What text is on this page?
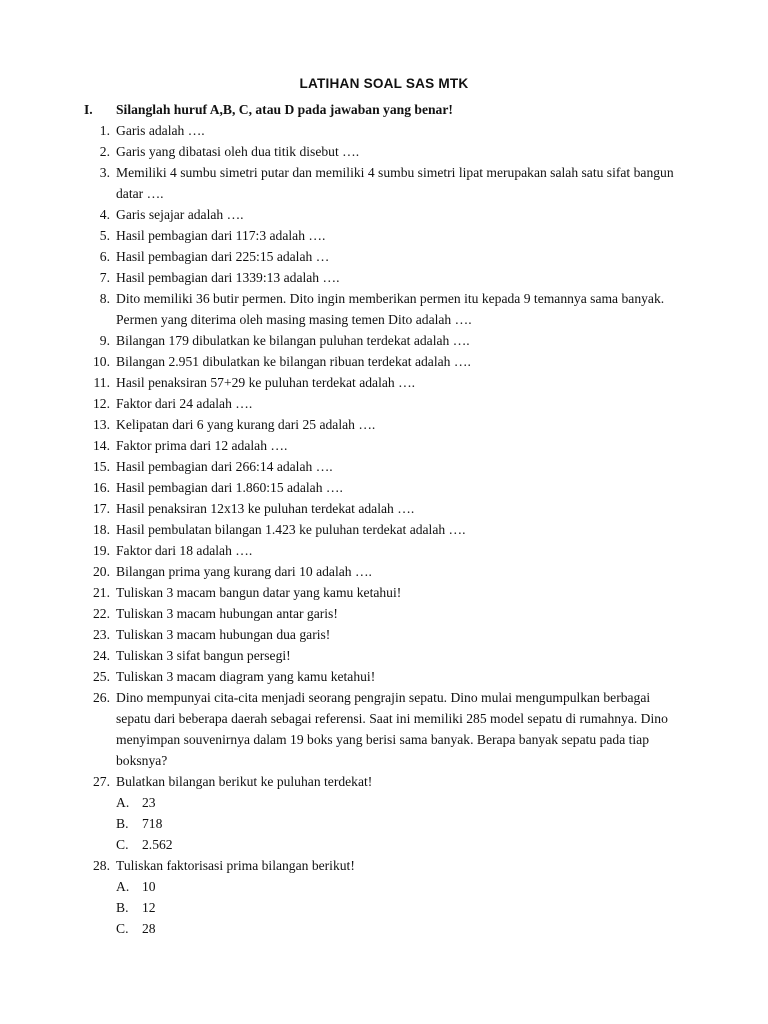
LATIHAN SOAL SAS MTK
I.	Silanglah huruf A,B, C, atau D pada jawaban yang benar!
1. Garis adalah ….
2. Garis yang dibatasi oleh dua titik disebut ….
3. Memiliki 4 sumbu simetri putar dan memiliki 4 sumbu simetri lipat merupakan salah satu sifat bangun datar ….
4. Garis sejajar adalah ….
5. Hasil pembagian dari 117:3 adalah ….
6. Hasil pembagian dari 225:15 adalah …
7. Hasil pembagian dari 1339:13 adalah ….
8. Dito memiliki 36 butir permen. Dito ingin memberikan permen itu kepada 9 temannya sama banyak. Permen yang diterima oleh masing masing temen Dito adalah ….
9. Bilangan 179 dibulatkan ke bilangan puluhan terdekat adalah ….
10. Bilangan 2.951 dibulatkan ke bilangan ribuan terdekat adalah ….
11. Hasil penaksiran 57+29 ke puluhan terdekat adalah ….
12. Faktor dari 24 adalah ….
13. Kelipatan dari 6 yang kurang dari 25 adalah ….
14. Faktor prima dari 12 adalah ….
15. Hasil pembagian dari 266:14 adalah ….
16. Hasil pembagian dari 1.860:15 adalah ….
17. Hasil penaksiran 12x13 ke puluhan terdekat adalah ….
18. Hasil pembulatan bilangan 1.423 ke puluhan terdekat adalah ….
19. Faktor dari 18 adalah ….
20. Bilangan prima yang kurang dari 10 adalah ….
21. Tuliskan 3 macam bangun datar yang kamu ketahui!
22. Tuliskan 3 macam hubungan antar garis!
23. Tuliskan 3 macam hubungan dua garis!
24. Tuliskan 3 sifat bangun persegi!
25. Tuliskan 3 macam diagram yang kamu ketahui!
26. Dino mempunyai cita-cita menjadi seorang pengrajin sepatu. Dino mulai mengumpulkan berbagai sepatu dari beberapa daerah sebagai referensi. Saat ini memiliki 285 model sepatu di rumahnya. Dino menyimpan souvenirnya dalam 19 boks yang berisi sama banyak. Berapa banyak sepatu pada tiap boksnya?
27. Bulatkan bilangan berikut ke puluhan terdekat!
A. 23
B. 718
C. 2.562
28. Tuliskan faktorisasi prima bilangan berikut!
A. 10
B. 12
C. 28
